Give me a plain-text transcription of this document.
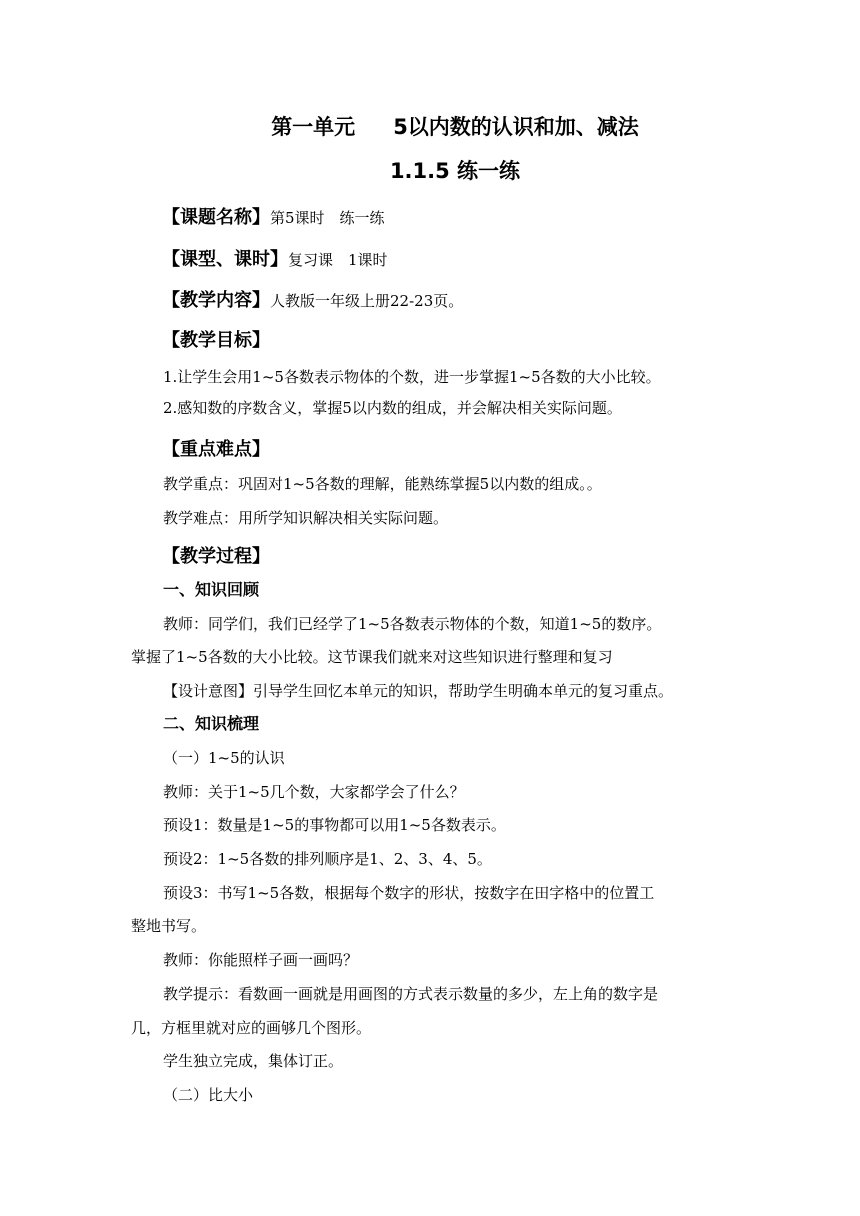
第一单元 5以内数的认识和加、减法
1.1.5 练一练
【课题名称】第5课时　练一练
【课型、课时】复习课　1课时
【教学内容】人教版一年级上册22-23页。
【教学目标】
1.让学生会用1~5各数表示物体的个数，进一步掌握1~5各数的大小比较。
2.感知数的序数含义，掌握5以内数的组成，并会解决相关实际问题。
【重点难点】
教学重点：巩固对1~5各数的理解，能熟练掌握5以内数的组成。。
教学难点：用所学知识解决相关实际问题。
【教学过程】
一、知识回顾
教师：同学们，我们已经学了1~5各数表示物体的个数，知道1~5的数序。
掌握了1~5各数的大小比较。这节课我们就来对这些知识进行整理和复习
【设计意图】引导学生回忆本单元的知识，帮助学生明确本单元的复习重点。
二、知识梳理
（一）1~5的认识
教师：关于1~5几个数，大家都学会了什么？
预设1：数量是1~5的事物都可以用1~5各数表示。
预设2：1~5各数的排列顺序是1、2、3、4、5。
预设3：书写1~5各数，根据每个数字的形状，按数字在田字格中的位置工
整地书写。
教师：你能照样子画一画吗？
教学提示：看数画一画就是用画图的方式表示数量的多少，左上角的数字是
几，方框里就对应的画够几个图形。
学生独立完成，集体订正。
（二）比大小
